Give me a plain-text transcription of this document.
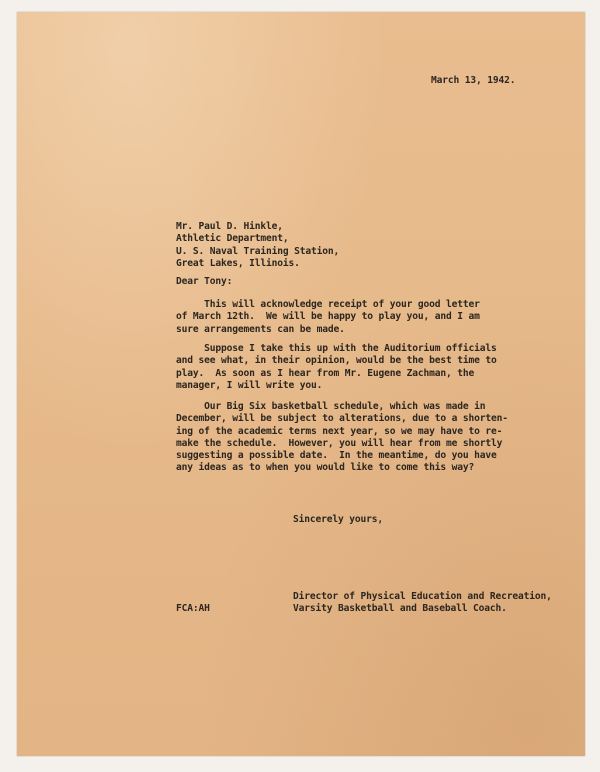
March 13, 1942.
Mr. Paul D. Hinkle,
Athletic Department,
U. S. Naval Training Station,
Great Lakes, Illinois.
Dear Tony:
This will acknowledge receipt of your good letter
of March 12th.  We will be happy to play you, and I am
sure arrangements can be made.
Suppose I take this up with the Auditorium officials
and see what, in their opinion, would be the best time to
play.  As soon as I hear from Mr. Eugene Zachman, the
manager, I will write you.
Our Big Six basketball schedule, which was made in
December, will be subject to alterations, due to a shorten-
ing of the academic terms next year, so we may have to re-
make the schedule.  However, you will hear from me shortly
suggesting a possible date.  In the meantime, do you have
any ideas as to when you would like to come this way?
Sincerely yours,
Director of Physical Education and Recreation,
Varsity Basketball and Baseball Coach.
FCA:AH
